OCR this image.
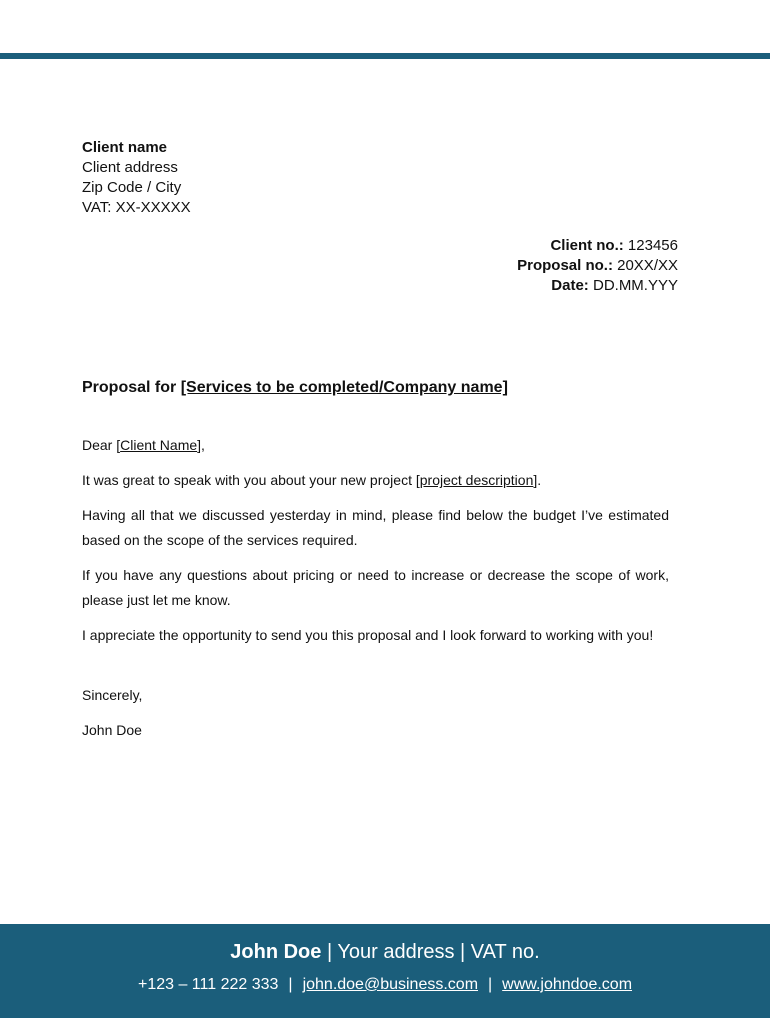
Client name
Client address
Zip Code / City
VAT: XX-XXXXX
Client no.: 123456
Proposal no.: 20XX/XX
Date: DD.MM.YYY
Proposal for [Services to be completed/Company name]
Dear [Client Name],
It was great to speak with you about your new project [project description].
Having all that we discussed yesterday in mind, please find below the budget I’ve estimated based on the scope of the services required.
If you have any questions about pricing or need to increase or decrease the scope of work, please just let me know.
I appreciate the opportunity to send you this proposal and I look forward to working with you!
Sincerely,
John Doe
John Doe | Your address | VAT no.
+123 – 111 222 333 | john.doe@business.com | www.johndoe.com
